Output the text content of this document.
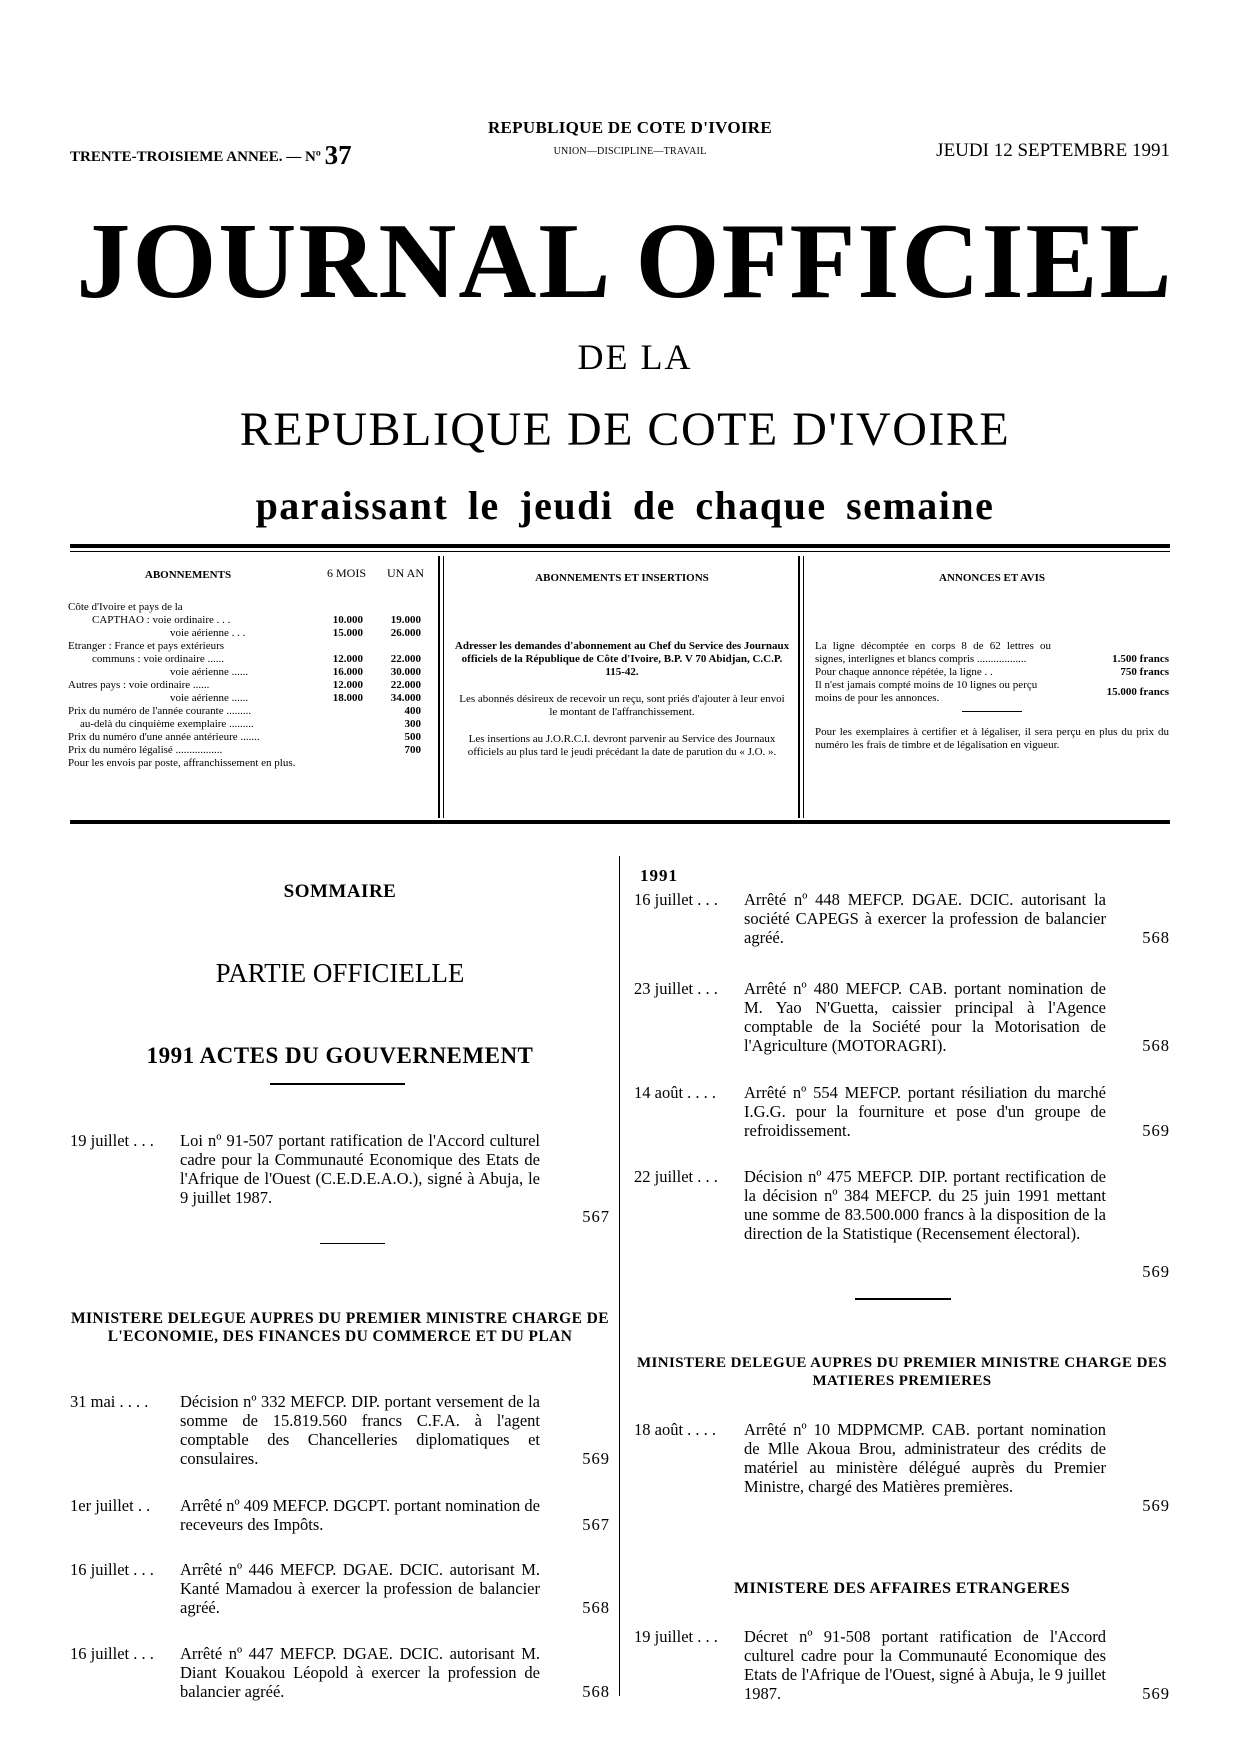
REPUBLIQUE DE COTE D'IVOIRE
UNION—DISCIPLINE—TRAVAIL
TRENTE-TROISIEME ANNEE. — Nº 37	JEUDI 12 SEPTEMBRE 1991
JOURNAL OFFICIEL
DE LA
REPUBLIQUE DE COTE D'IVOIRE
paraissant le jeudi de chaque semaine
ABONNEMENTS	6 MOIS	UN AN
Côte d'Ivoire et pays de la
CAPTHAO : voie ordinaire . . .	10.000	19.000
voie aérienne . . .	15.000	26.000
Etranger : France et pays extérieurs
communs : voie ordinaire ......	12.000	22.000
voie aérienne ......	16.000	30.000
Autres pays : voie ordinaire ......	12.000	22.000
voie aérienne ......	18.000	34.000
Prix du numéro de l'année courante .........	400
au-delà du cinquième exemplaire .........	300
Prix du numéro d'une année antérieure .......	500
Prix du numéro légalisé .................	700
Pour les envois par poste, affranchissement en plus.
ABONNEMENTS ET INSERTIONS
Adresser les demandes d'abonnement au Chef du Service des Journaux officiels de la République de Côte d'Ivoire, B.P. V 70 Abidjan, C.C.P. 115-42.
Les abonnés désireux de recevoir un reçu, sont priés d'ajouter à leur envoi le montant de l'affranchissement.
Les insertions au J.O.R.C.I. devront parvenir au Service des Journaux officiels au plus tard le jeudi précédant la date de parution du « J.O. ».
ANNONCES ET AVIS
La ligne décomptée en corps 8 de 62 lettres ou signes, interlignes et blancs compris ..................	1.500 francs
Pour chaque annonce répétée, la ligne . .	750 francs
Il n'est jamais compté moins de 10 lignes ou perçu moins de pour les annonces.
15.000 francs
Pour les exemplaires à certifier et à légaliser, il sera perçu en plus du prix du numéro les frais de timbre et de légalisation en vigueur.
SOMMAIRE
PARTIE OFFICIELLE
1991 ACTES DU GOUVERNEMENT
19 juillet . . . Loi nº 91-507 portant ratification de l'Accord culturel cadre pour la Communauté Economique des Etats de l'Afrique de l'Ouest (C.E.D.E.A.O.), signé à Abuja, le 9 juillet 1987.
567
MINISTERE DELEGUE AUPRES DU PREMIER MINISTRE CHARGE DE L'ECONOMIE, DES FINANCES DU COMMERCE ET DU PLAN
31 mai . . . . Décision nº 332 MEFCP. DIP. portant versement de la somme de 15.819.560 francs C.F.A. à l'agent comptable des Chancelleries diplomatiques et consulaires.	569
1er juillet . . Arrêté nº 409 MEFCP. DGCPT. portant nomination de receveurs des Impôts.	567
16 juillet . . . Arrêté nº 446 MEFCP. DGAE. DCIC. autorisant M. Kanté Mamadou à exercer la profession de balancier agréé.	568
16 juillet . . . Arrêté nº 447 MEFCP. DGAE. DCIC. autorisant M. Diant Kouakou Léopold à exercer la profession de balancier agréé.	568
1991
16 juillet . . . Arrêté nº 448 MEFCP. DGAE. DCIC. autorisant la société CAPEGS à exercer la profession de balancier agréé.	568
23 juillet . . . Arrêté nº 480 MEFCP. CAB. portant nomination de M. Yao N'Guetta, caissier principal à l'Agence comptable de la Société pour la Motorisation de l'Agriculture (MOTORAGRI).	568
14 août . . . . Arrêté nº 554 MEFCP. portant résiliation du marché I.G.G. pour la fourniture et pose d'un groupe de refroidissement.	569
22 juillet . . . Décision nº 475 MEFCP. DIP. portant rectification de la décision nº 384 MEFCP. du 25 juin 1991 mettant une somme de 83.500.000 francs à la disposition de la direction de la Statistique (Recensement électoral).
569
MINISTERE DELEGUE AUPRES DU PREMIER MINISTRE CHARGE DES MATIERES PREMIERES
18 août . . . . Arrêté nº 10 MDPMCMP. CAB. portant nomination de Mlle Akoua Brou, administrateur des crédits de matériel au ministère délégué auprès du Premier Ministre, chargé des Matières premières.
569
MINISTERE DES AFFAIRES ETRANGERES
19 juillet . . . Décret nº 91-508 portant ratification de l'Accord culturel cadre pour la Communauté Economique des Etats de l'Afrique de l'Ouest, signé à Abuja, le 9 juillet 1987.	569
